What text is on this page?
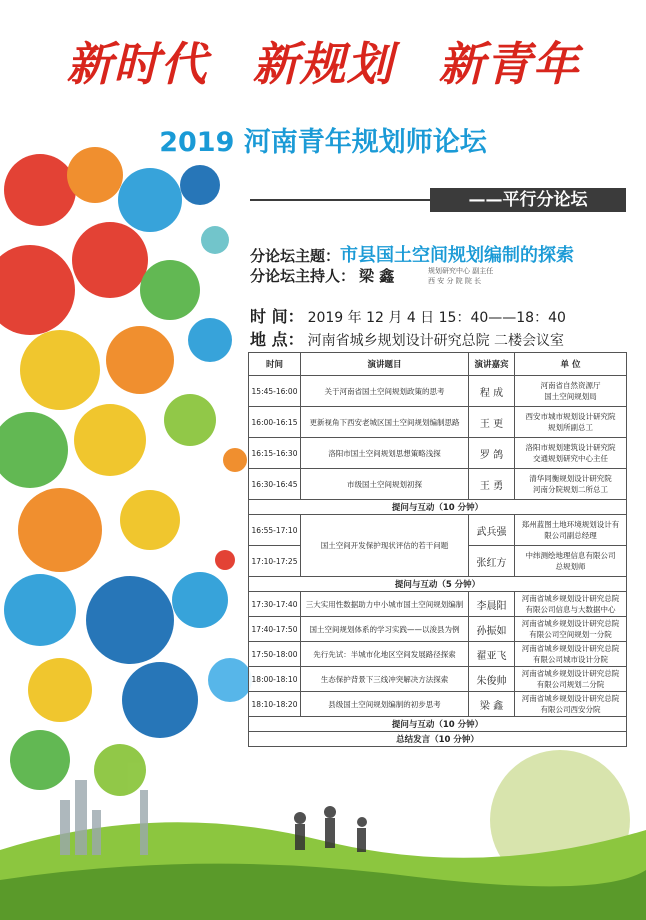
新时代 新规划 新青年
2019 河南青年规划师论坛
——平行分论坛
分论坛主题：市县国土空间规划编制的探索
分论坛主持人： 梁 鑫	规划研究中心 副主任
西 安 分 院 院 长
时 间： 2019 年 12 月 4 日 15：40——18：40
地 点： 河南省城乡规划设计研究总院 二楼会议室
时间	演讲题目	演讲嘉宾	单 位
15:45-16:00	关于河南省国土空间规划政策的思考	程 成	河南省自然资源厅
国土空间规划局

16:00-16:15	更新视角下西安老城区国土空间规划编制思路	王 更	西安市城市规划设计研究院
规划所副总工

16:15-16:30	洛阳市国土空间规划思想策略浅探	罗 鸽	洛阳市规划建筑设计研究院
交通规划研究中心主任

16:30-16:45	市级国土空间规划初探	王 勇	清华同衡规划设计研究院
河南分院规划二所总工

提问与互动（10 分钟）			
16:55-17:10	国土空间开发保护现状评估的若干问题	武兵强	郑州蓝图土地环境规划设计有
限公司副总经理

17:10-17:25		张红方	中纬测绘地理信息有限公司
总规划师

提问与互动（5 分钟）			
17:30-17:40	三大实用性数据助力中小城市国土空间规划编制	李晨阳	河南省城乡规划设计研究总院
有限公司信息与大数据中心

17:40-17:50	国土空间规划体系的学习实践——以浚县为例	孙振如	河南省城乡规划设计研究总院
有限公司空间规划一分院

17:50-18:00	先行先试：半城市化地区空间发展路径探索	翟亚飞	河南省城乡规划设计研究总院
有限公司城市设计分院

18:00-18:10	生态保护背景下三线冲突解决方法探索	朱俊帅	河南省城乡规划设计研究总院
有限公司规划二分院

18:10-18:20	县级国土空间规划编制的初步思考	梁 鑫	河南省城乡规划设计研究总院
有限公司西安分院

提问与互动（10 分钟）			
总结发言（10 分钟）			
